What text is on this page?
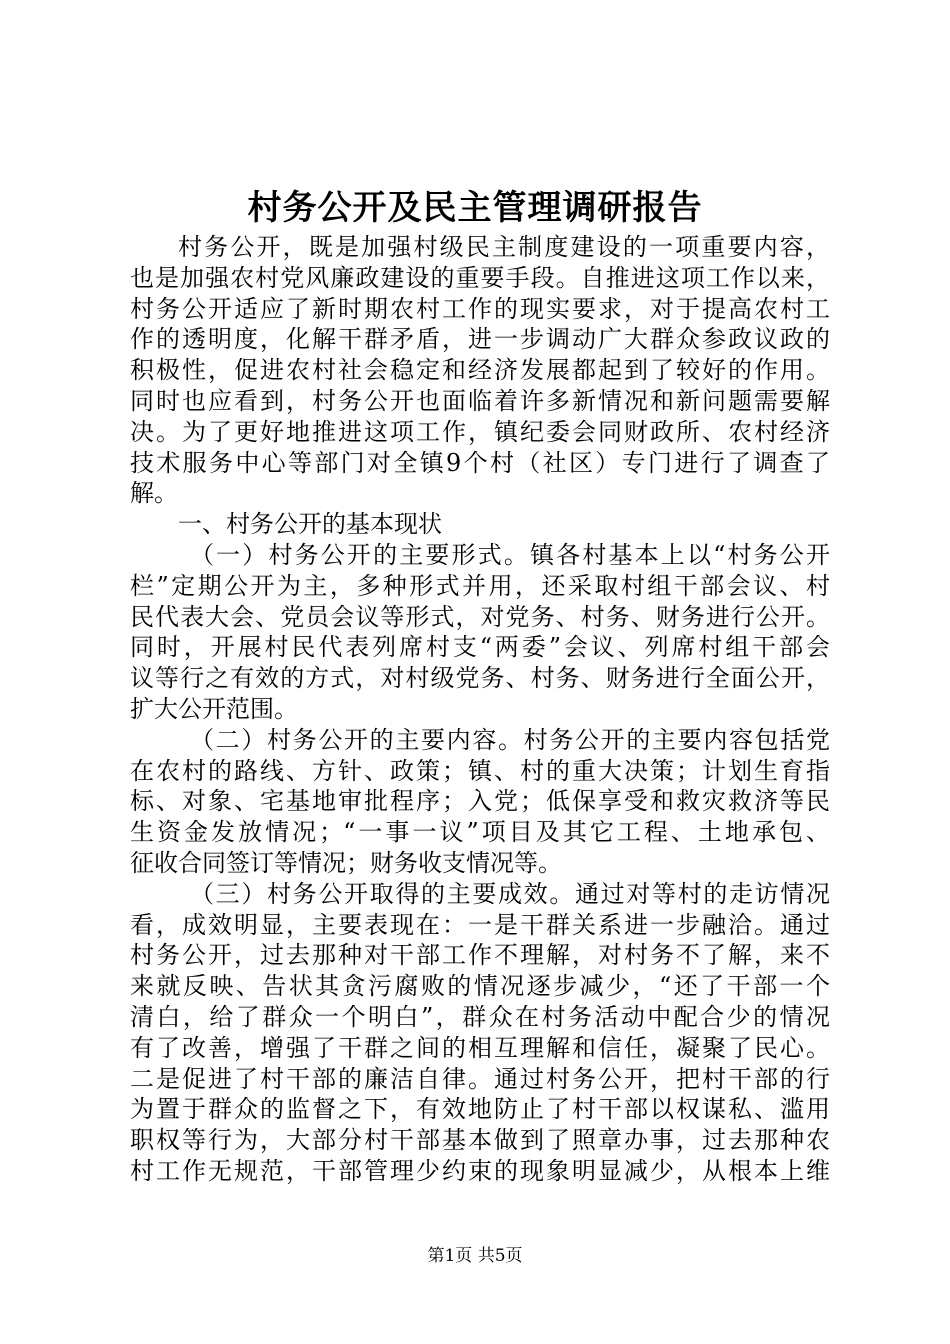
村务公开及民主管理调研报告
村务公开，既是加强村级民主制度建设的一项重要内容，
也是加强农村党风廉政建设的重要手段。自推进这项工作以来，
村务公开适应了新时期农村工作的现实要求，对于提高农村工
作的透明度，化解干群矛盾，进一步调动广大群众参政议政的
积极性，促进农村社会稳定和经济发展都起到了较好的作用。
同时也应看到，村务公开也面临着许多新情况和新问题需要解
决。为了更好地推进这项工作，镇纪委会同财政所、农村经济
技术服务中心等部门对全镇9个村（社区）专门进行了调查了
解。
一、村务公开的基本现状
（一）村务公开的主要形式。镇各村基本上以“村务公开
栏”定期公开为主，多种形式并用，还采取村组干部会议、村
民代表大会、党员会议等形式，对党务、村务、财务进行公开。
同时，开展村民代表列席村支“两委”会议、列席村组干部会
议等行之有效的方式，对村级党务、村务、财务进行全面公开，
扩大公开范围。
（二）村务公开的主要内容。村务公开的主要内容包括党
在农村的路线、方针、政策；镇、村的重大决策；计划生育指
标、对象、宅基地审批程序；入党；低保享受和救灾救济等民
生资金发放情况；“一事一议”项目及其它工程、土地承包、
征收合同签订等情况；财务收支情况等。
（三）村务公开取得的主要成效。通过对等村的走访情况
看，成效明显，主要表现在：一是干群关系进一步融洽。通过
村务公开，过去那种对干部工作不理解，对村务不了解，来不
来就反映、告状其贪污腐败的情况逐步减少，“还了干部一个
清白，给了群众一个明白”，群众在村务活动中配合少的情况
有了改善，增强了干群之间的相互理解和信任，凝聚了民心。
二是促进了村干部的廉洁自律。通过村务公开，把村干部的行
为置于群众的监督之下，有效地防止了村干部以权谋私、滥用
职权等行为，大部分村干部基本做到了照章办事，过去那种农
村工作无规范，干部管理少约束的现象明显减少，从根本上维
第1页 共5页
